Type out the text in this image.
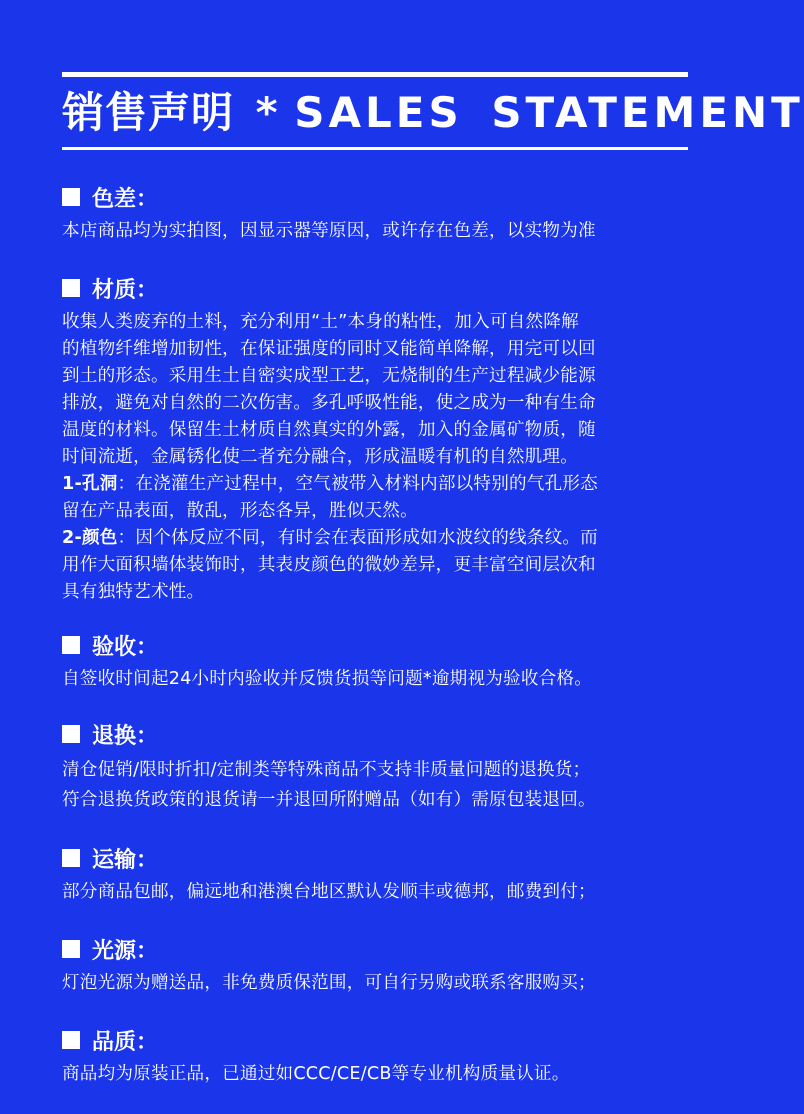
销售声明 * SALES STATEMENT
色差：
本店商品均为实拍图，因显示器等原因，或许存在色差，以实物为准
材质：
收集人类废弃的土料，充分利用“土”本身的粘性，加入可自然降解
的植物纤维增加韧性，在保证强度的同时又能简单降解，用完可以回
到土的形态。采用生土自密实成型工艺，无烧制的生产过程减少能源
排放，避免对自然的二次伤害。多孔呼吸性能，使之成为一种有生命
温度的材料。保留生土材质自然真实的外露，加入的金属矿物质，随
时间流逝，金属锈化使二者充分融合，形成温暖有机的自然肌理。
1-孔洞：在浇灌生产过程中，空气被带入材料内部以特别的气孔形态
留在产品表面，散乱，形态各异，胜似天然。
2-颜色：因个体反应不同，有时会在表面形成如水波纹的线条纹。而
用作大面积墙体装饰时，其表皮颜色的微妙差异，更丰富空间层次和
具有独特艺术性。
验收：
自签收时间起24小时内验收并反馈货损等问题*逾期视为验收合格。
退换：
清仓促销/限时折扣/定制类等特殊商品不支持非质量问题的退换货；
符合退换货政策的退货请一并退回所附赠品（如有）需原包装退回。
运输：
部分商品包邮，偏远地和港澳台地区默认发顺丰或德邦，邮费到付；
光源：
灯泡光源为赠送品，非免费质保范围，可自行另购或联系客服购买；
品质：
商品均为原装正品，已通过如CCC/CE/CB等专业机构质量认证。
